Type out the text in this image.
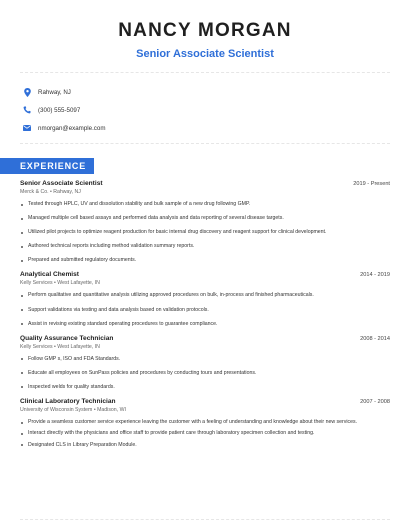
NANCY MORGAN
Senior Associate Scientist
Rahway, NJ
(300) 555-5097
nmorgan@example.com
EXPERIENCE
Senior Associate Scientist	2019 - Present
Merck & Co. • Rahway, NJ
Tested through HPLC, UV and dissolution stability and bulk sample of a new drug following GMP.
Managed multiple cell based assays and performed data analysis and data reporting of several disease targets.
Utilized pilot projects to optimize reagent production for basic internal drug discovery and reagent support for clinical development.
Authored technical reports including method validation summary reports.
Prepared and submitted regulatory documents.
Analytical Chemist	2014 - 2019
Kelly Services • West Lafayette, IN
Perform qualitative and quantitative analysis utilizing approved procedures on bulk, in-process and finished pharmaceuticals.
Support validations via testing and data analysis based on validation protocols.
Assist in revising existing standard operating procedures to guarantee compliance.
Quality Assurance Technician	2008 - 2014
Kelly Services • West Lafayette, IN
Follow GMP s, ISO and FDA Standards.
Educate all employees on SunPass policies and procedures by conducting tours and presentations.
Inspected welds for quality standards.
Clinical Laboratory Technician	2007 - 2008
University of Wisconsin System • Madison, WI
Provide a seamless customer service experience leaving the customer with a feeling of understanding and knowledge about their new services.
Interact directly with the physicians and office staff to provide patient care through laboratory specimen collection and testing.
Designated CLS in Library Preparation Module.
